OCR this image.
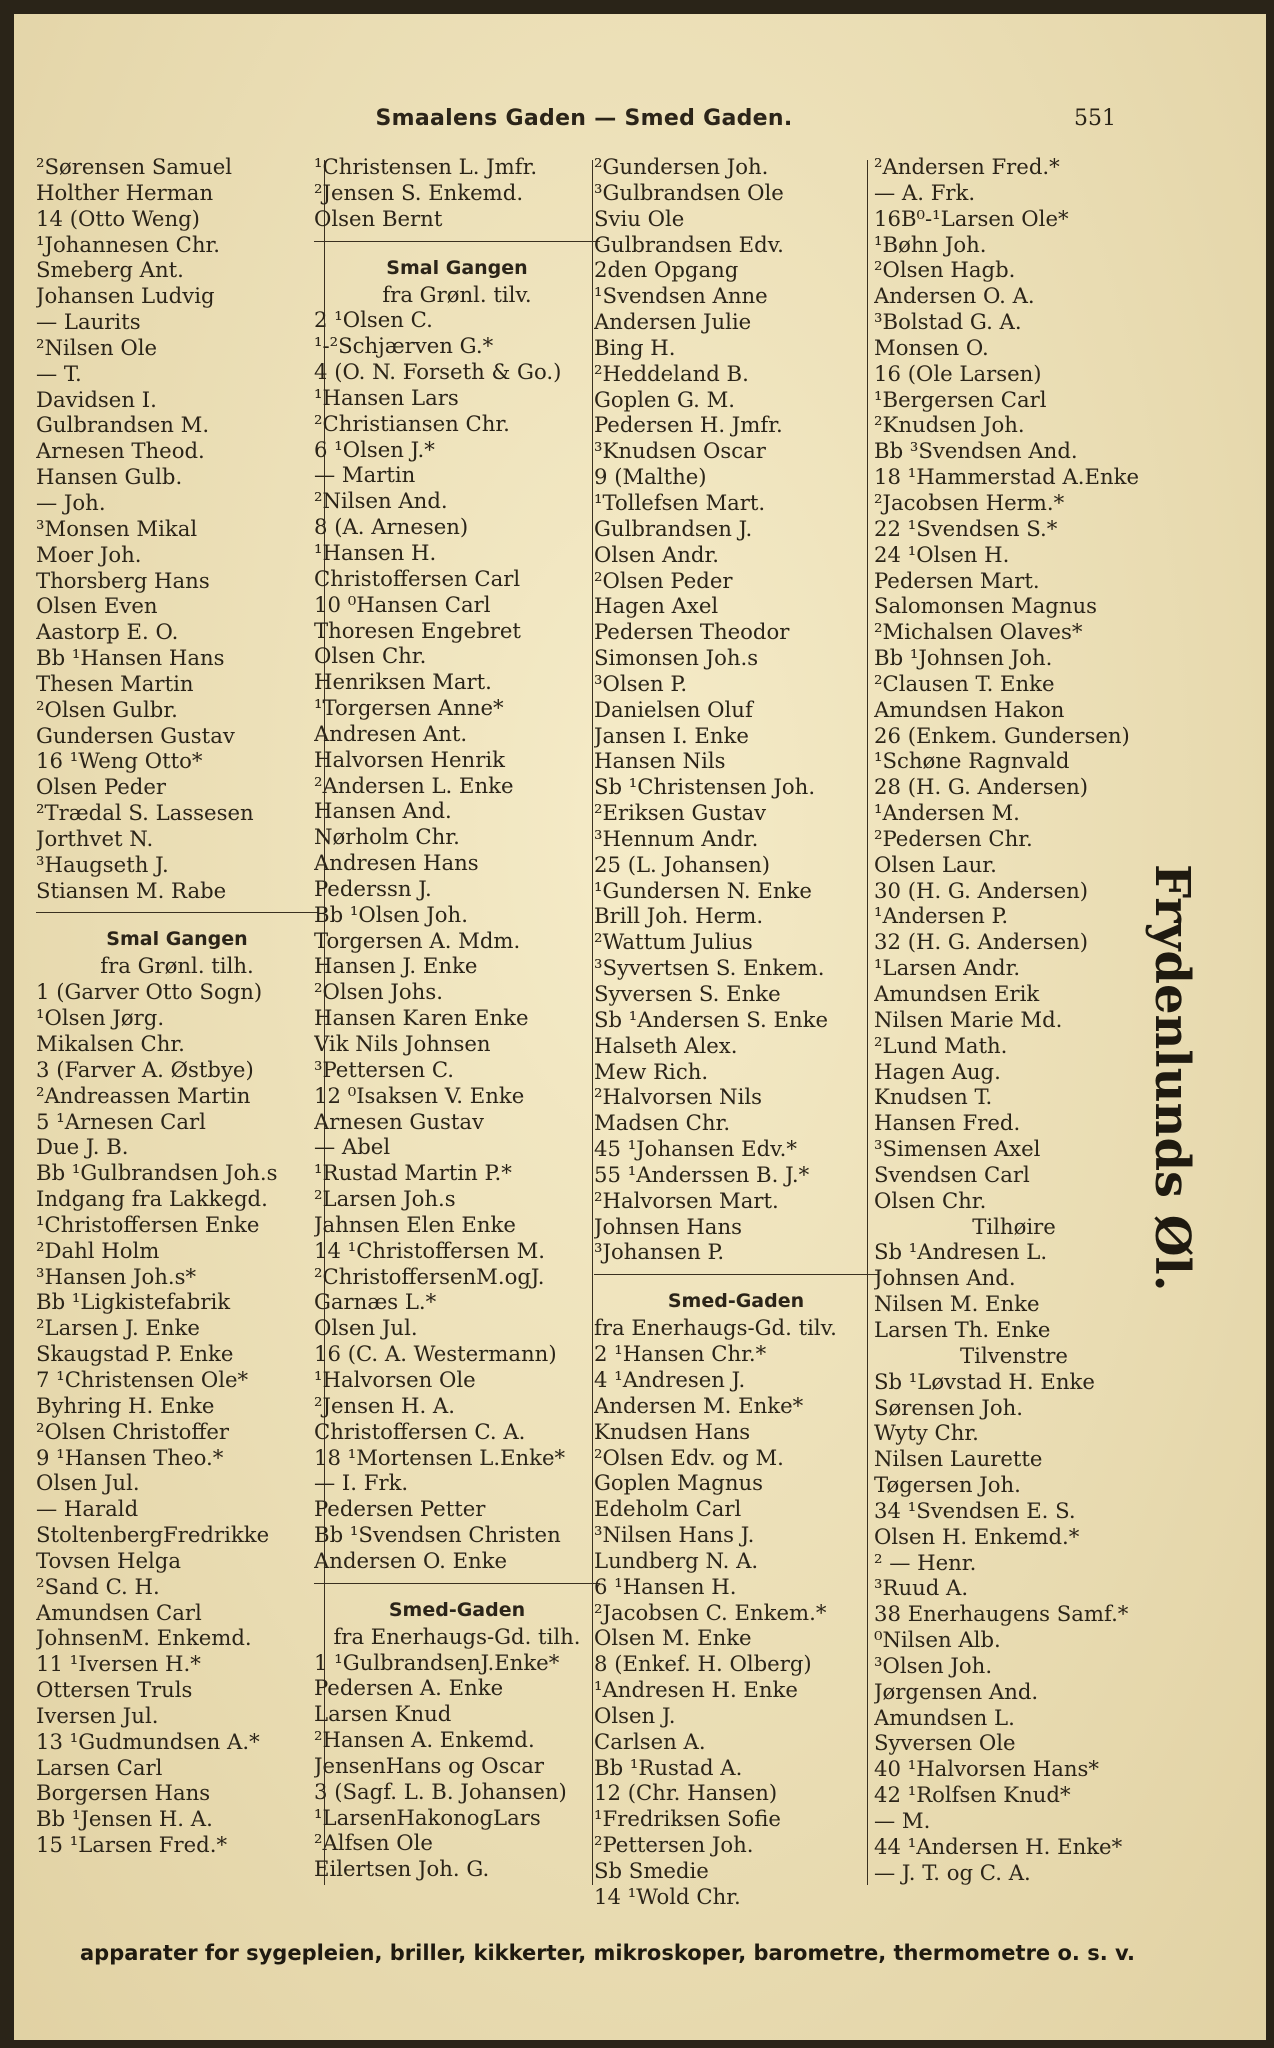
Smaalens Gaden — Smed Gaden.	551
²Sørensen Samuel
Holther Herman
14 (Otto Weng)
¹Johannesen Chr.
Smeberg Ant.
Johansen Ludvig
— Laurits
²Nilsen Ole
— T.
Davidsen I.
Gulbrandsen M.
Arnesen Theod.
Hansen Gulb.
— Joh.
³Monsen Mikal
Moer Joh.
Thorsberg Hans
Olsen Even
Aastorp E. O.
Bb ¹Hansen Hans
Thesen Martin
²Olsen Gulbr.
Gundersen Gustav
16 ¹Weng Otto*
Olsen Peder
²Trædal S. Lassesen
Jorthvet N.
³Haugseth J.
Stiansen M. Rabe
Smal Gangen
fra Grønl. tilh.
1 (Garver Otto Sogn)
¹Olsen Jørg.
Mikalsen Chr.
3 (Farver A. Østbye)
²Andreassen Martin
5 ¹Arnesen Carl
Due J. B.
Bb ¹Gulbrandsen Joh.s
Indgang fra Lakkegd.
¹Christoffersen Enke
²Dahl Holm
³Hansen Joh.s*
Bb ¹Ligkistefabrik
²Larsen J. Enke
Skaugstad P. Enke
7 ¹Christensen Ole*
Byhring H. Enke
²Olsen Christoffer
9 ¹Hansen Theo.*
Olsen Jul.
— Harald
StoltenbergFredrikke
Tovsen Helga
²Sand C. H.
Amundsen Carl
JohnsenM. Enkemd.
11 ¹Iversen H.*
Ottersen Truls
Iversen Jul.
13 ¹Gudmundsen A.*
Larsen Carl
Borgersen Hans
Bb ¹Jensen H. A.
15 ¹Larsen Fred.*
¹Christensen L. Jmfr.
²Jensen S. Enkemd.
Olsen Bernt
Smal Gangen
fra Grønl. tilv.
2 ¹Olsen C.
¹-²Schjærven G.*
4 (O. N. Forseth & Go.)
¹Hansen Lars
²Christiansen Chr.
6 ¹Olsen J.*
— Martin
²Nilsen And.
8 (A. Arnesen)
¹Hansen H.
Christoffersen Carl
10 ⁰Hansen Carl
Thoresen Engebret
Olsen Chr.
Henriksen Mart.
¹Torgersen Anne*
Andresen Ant.
Halvorsen Henrik
²Andersen L. Enke
Hansen And.
Nørholm Chr.
Andresen Hans
Pederssn J.
Bb ¹Olsen Joh.
Torgersen A. Mdm.
Hansen J. Enke
²Olsen Johs.
Hansen Karen Enke
Vik Nils Johnsen
³Pettersen C.
12 ⁰Isaksen V. Enke
Arnesen Gustav
— Abel
¹Rustad Martin P.*
²Larsen Joh.s
Jahnsen Elen Enke
14 ¹Christoffersen M.
²ChristoffersenM.ogJ.
Garnæs L.*
Olsen Jul.
16 (C. A. Westermann)
¹Halvorsen Ole
²Jensen H. A.
Christoffersen C. A.
18 ¹Mortensen L.Enke*
— I. Frk.
Pedersen Petter
Bb ¹Svendsen Christen
Andersen O. Enke
Smed-Gaden
fra Enerhaugs-Gd. tilh.
1 ¹GulbrandsenJ.Enke*
Pedersen A. Enke
Larsen Knud
²Hansen A. Enkemd.
JensenHans og Oscar
3 (Sagf. L. B. Johansen)
¹LarsenHakonogLars
²Alfsen Ole
Eilertsen Joh. G.
²Gundersen Joh.
³Gulbrandsen Ole
Sviu Ole
Gulbrandsen Edv.
2den Opgang
¹Svendsen Anne
Andersen Julie
Bing H.
²Heddeland B.
Goplen G. M.
Pedersen H. Jmfr.
³Knudsen Oscar
9 (Malthe)
¹Tollefsen Mart.
Gulbrandsen J.
Olsen Andr.
²Olsen Peder
Hagen Axel
Pedersen Theodor
Simonsen Joh.s
³Olsen P.
Danielsen Oluf
Jansen I. Enke
Hansen Nils
Sb ¹Christensen Joh.
²Eriksen Gustav
³Hennum Andr.
25 (L. Johansen)
¹Gundersen N. Enke
Brill Joh. Herm.
²Wattum Julius
³Syvertsen S. Enkem.
Syversen S. Enke
Sb ¹Andersen S. Enke
Halseth Alex.
Mew Rich.
²Halvorsen Nils
Madsen Chr.
45 ¹Johansen Edv.*
55 ¹Anderssen B. J.*
²Halvorsen Mart.
Johnsen Hans
³Johansen P.
Smed-Gaden
fra Enerhaugs-Gd. tilv.
2 ¹Hansen Chr.*
4 ¹Andresen J.
Andersen M. Enke*
Knudsen Hans
²Olsen Edv. og M.
Goplen Magnus
Edeholm Carl
³Nilsen Hans J.
Lundberg N. A.
6 ¹Hansen H.
²Jacobsen C. Enkem.*
Olsen M. Enke
8 (Enkef. H. Olberg)
¹Andresen H. Enke
Olsen J.
Carlsen A.
Bb ¹Rustad A.
12 (Chr. Hansen)
¹Fredriksen Sofie
²Pettersen Joh.
Sb Smedie
14 ¹Wold Chr.
²Andersen Fred.*
— A. Frk.
16B⁰-¹Larsen Ole*
¹Bøhn Joh.
²Olsen Hagb.
Andersen O. A.
³Bolstad G. A.
Monsen O.
16 (Ole Larsen)
¹Bergersen Carl
²Knudsen Joh.
Bb ³Svendsen And.
18 ¹Hammerstad A.Enke
²Jacobsen Herm.*
22 ¹Svendsen S.*
24 ¹Olsen H.
Pedersen Mart.
Salomonsen Magnus
²Michalsen Olaves*
Bb ¹Johnsen Joh.
²Clausen T. Enke
Amundsen Hakon
26 (Enkem. Gundersen)
¹Schøne Ragnvald
28 (H. G. Andersen)
¹Andersen M.
²Pedersen Chr.
Olsen Laur.
30 (H. G. Andersen)
¹Andersen P.
32 (H. G. Andersen)
¹Larsen Andr.
Amundsen Erik
Nilsen Marie Md.
²Lund Math.
Hagen Aug.
Knudsen T.
Hansen Fred.
³Simensen Axel
Svendsen Carl
Olsen Chr.
Tilhøire
Sb ¹Andresen L.
Johnsen And.
Nilsen M. Enke
Larsen Th. Enke
Tilvenstre
Sb ¹Løvstad H. Enke
Sørensen Joh.
Wyty Chr.
Nilsen Laurette
Tøgersen Joh.
34 ¹Svendsen E. S.
Olsen H. Enkemd.*
² — Henr.
³Ruud A.
38 Enerhaugens Samf.*
⁰Nilsen Alb.
³Olsen Joh.
Jørgensen And.
Amundsen L.
Syversen Ole
40 ¹Halvorsen Hans*
42 ¹Rolfsen Knud*
— M.
44 ¹Andersen H. Enke*
— J. T. og C. A.
Frydenlunds Øl.
apparater for sygepleien, briller, kikkerter, mikroskoper, barometre, thermometre o. s. v.
